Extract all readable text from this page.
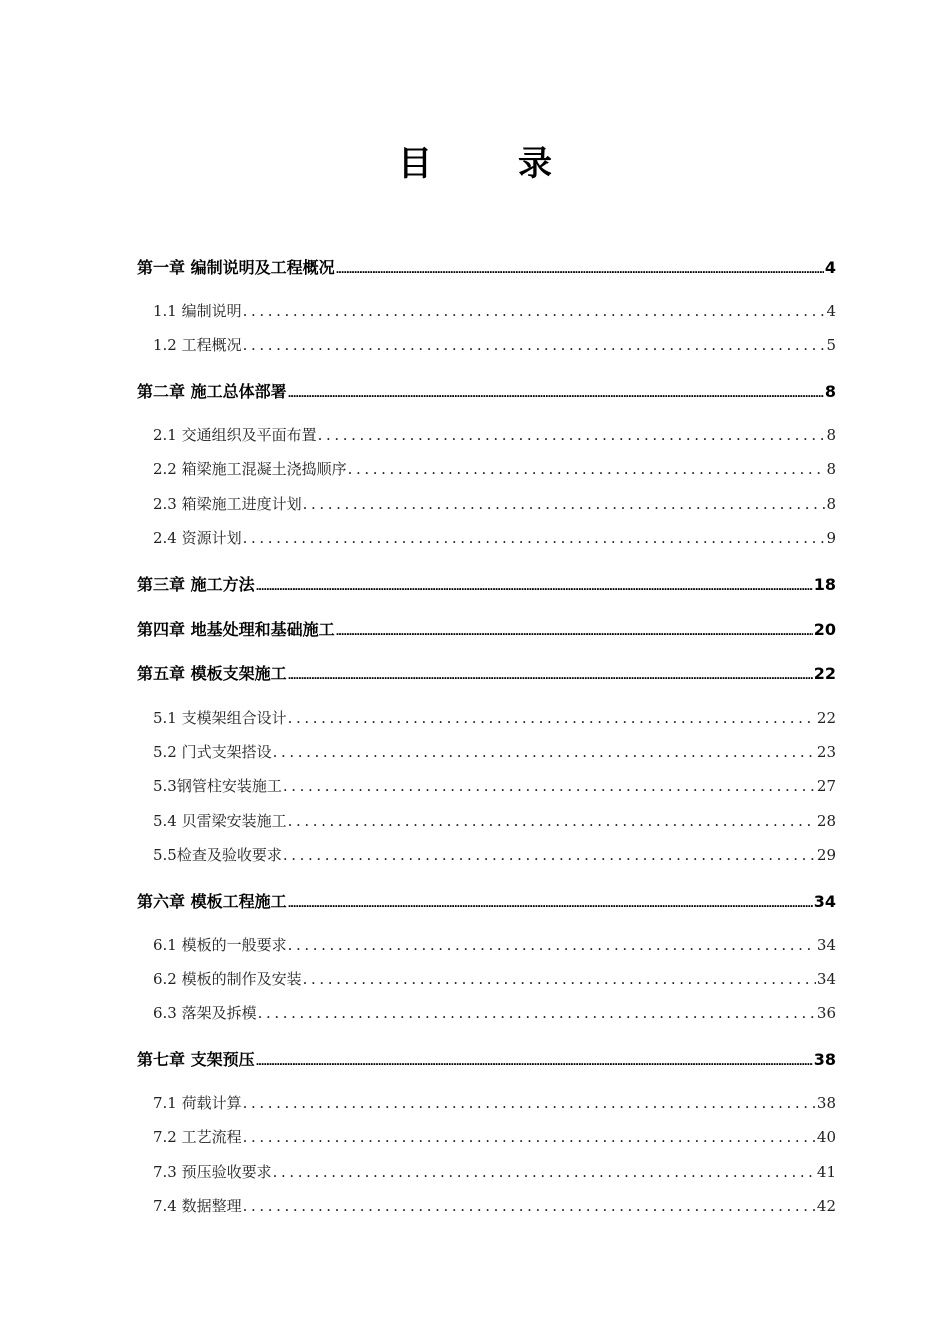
目	录
第一章 编制说明及工程概况 .....	4
1.1 编制说明 .....	4
1.2 工程概况 .....	5
第二章 施工总体部署 .....	8
2.1 交通组织及平面布置 .....	8
2.2 箱梁施工混凝土浇捣顺序 .....	8
2.3 箱梁施工进度计划 .....	8
2.4 资源计划 .....	9
第三章 施工方法 .....	18
第四章 地基处理和基础施工 .....	20
第五章 模板支架施工 .....	22
5.1 支模架组合设计 .....	22
5.2 门式支架搭设 .....	23
5.3钢管柱安装施工 .....	27
5.4 贝雷梁安装施工 .....	28
5.5检查及验收要求 .....	29
第六章 模板工程施工 .....	34
6.1 模板的一般要求 .....	34
6.2 模板的制作及安装 .....	34
6.3 落架及拆模 .....	36
第七章 支架预压 .....	38
7.1 荷载计算 .....	38
7.2 工艺流程 .....	40
7.3 预压验收要求 .....	41
7.4 数据整理 .....	42
